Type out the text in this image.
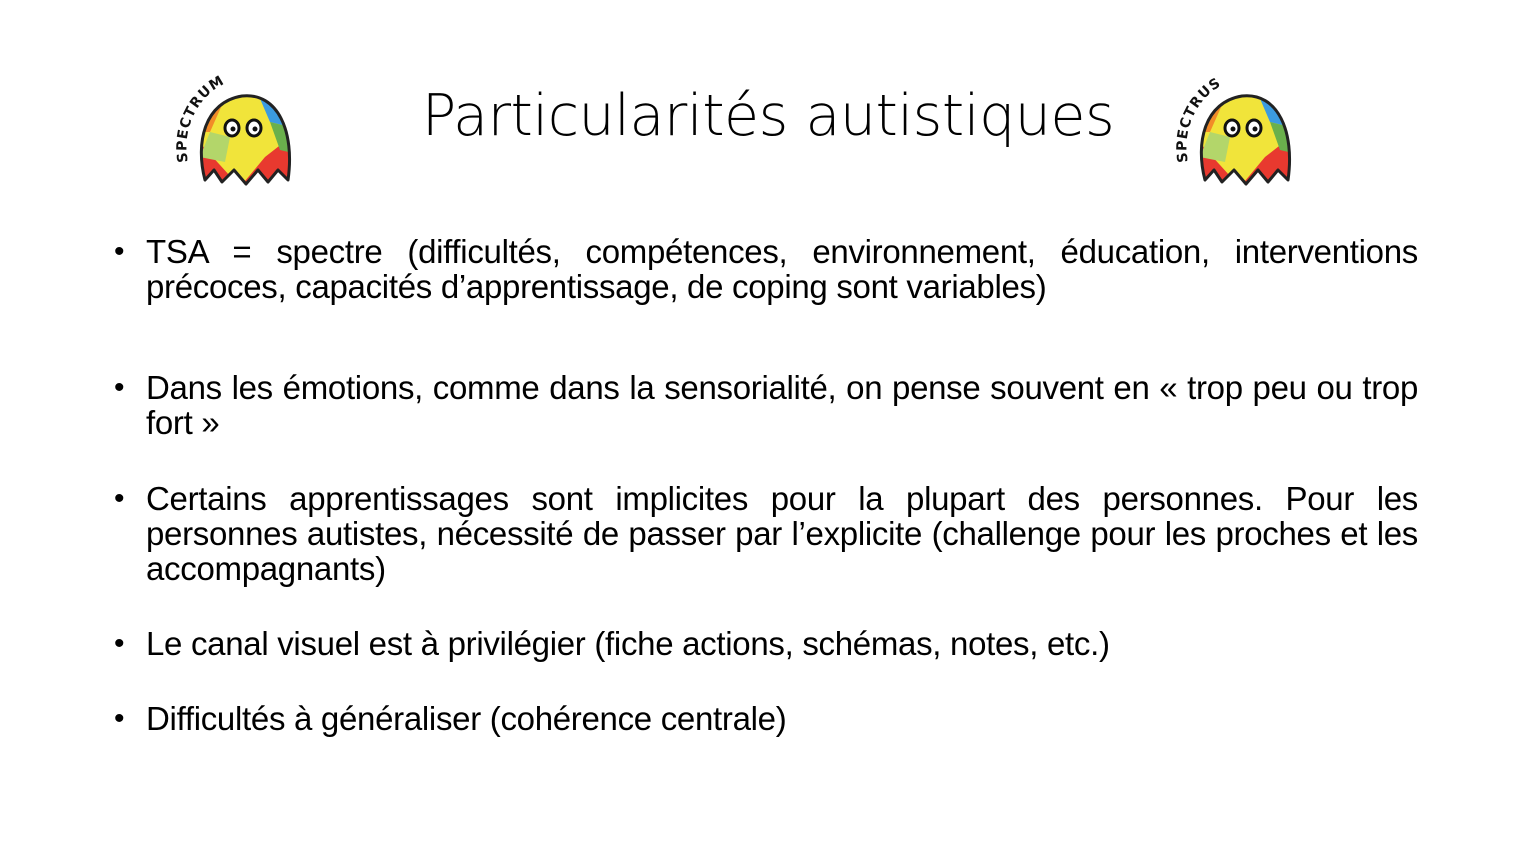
SPECTRUM	Particularités autistiques
SPECTRUS
• TSA = spectre (difficultés, compétences, environnement, éducation, interventions précoces, capacités d’apprentissage, de coping sont variables)
• Dans les émotions, comme dans la sensorialité, on pense souvent en « trop peu ou trop fort »
• Certains apprentissages sont implicites pour la plupart des personnes. Pour les personnes autistes, nécessité de passer par l’explicite (challenge pour les proches et les accompagnants)
• Le canal visuel est à privilégier (fiche actions, schémas, notes, etc.)
• Difficultés à généraliser (cohérence centrale)
